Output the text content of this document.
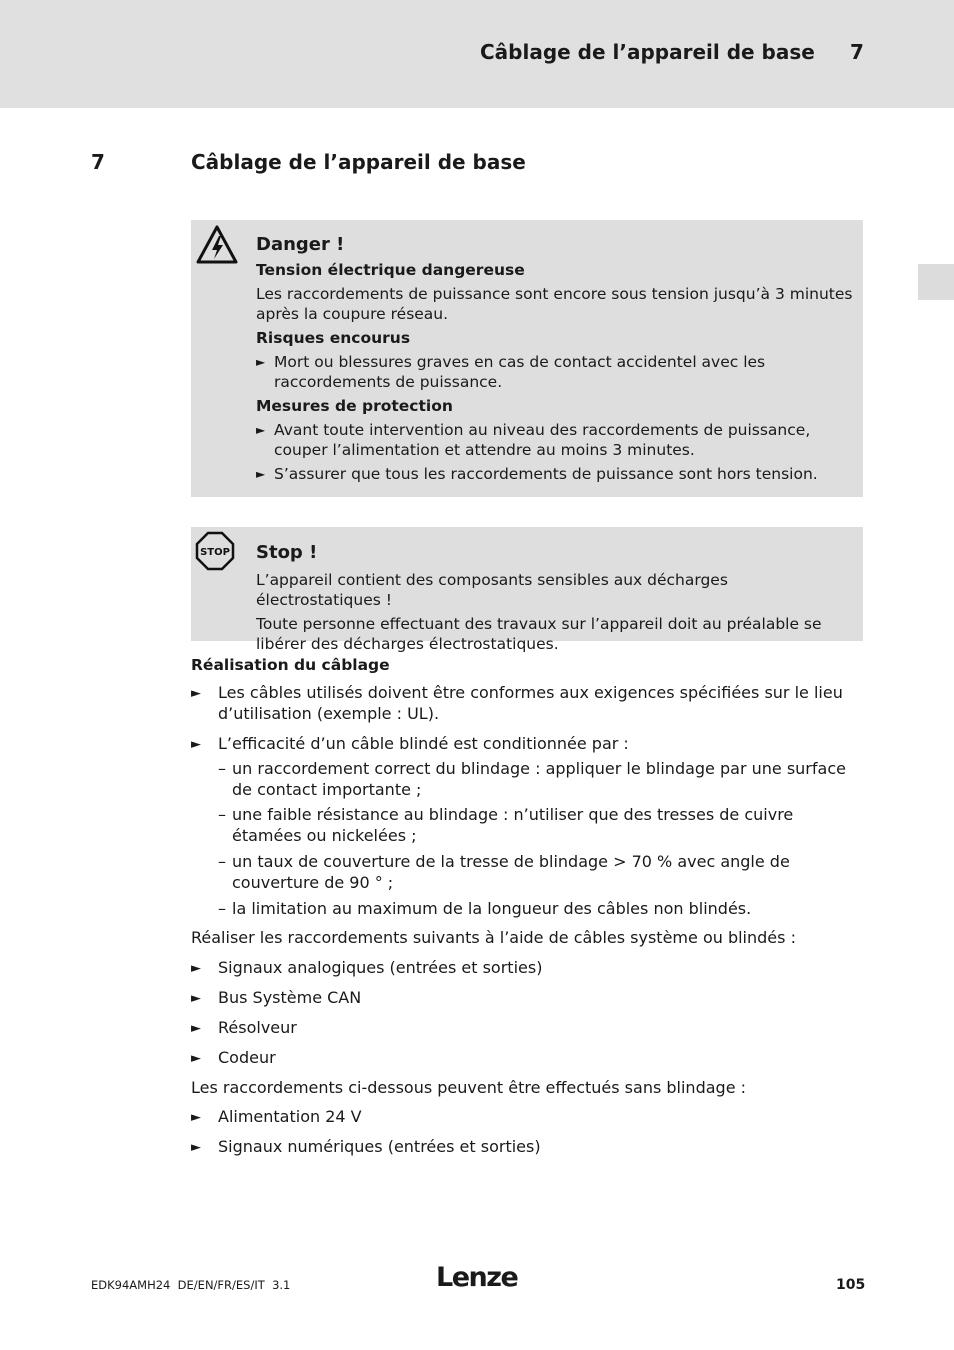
Câblage de l’appareil de base 7
7	Câblage de l’appareil de base
Danger !
Tension électrique dangereuse
Les raccordements de puissance sont encore sous tension jusqu’à 3 minutes après la coupure réseau.
Risques encourus
► Mort ou blessures graves en cas de contact accidentel avec les raccordements de puissance.
Mesures de protection
► Avant toute intervention au niveau des raccordements de puissance, couper l’alimentation et attendre au moins 3 minutes.
► S’assurer que tous les raccordements de puissance sont hors tension.
STOP Stop !
L’appareil contient des composants sensibles aux décharges électrostatiques !
Toute personne effectuant des travaux sur l’appareil doit au préalable se libérer des décharges électrostatiques.
Réalisation du câblage
► Les câbles utilisés doivent être conformes aux exigences spécifiées sur le lieu d’utilisation (exemple : UL).
► L’efficacité d’un câble blindé est conditionnée par :
– un raccordement correct du blindage : appliquer le blindage par une surface de contact importante ;
– une faible résistance au blindage : n’utiliser que des tresses de cuivre étamées ou nickelées ;
– un taux de couverture de la tresse de blindage > 70 % avec angle de couverture de 90 ° ;
– la limitation au maximum de la longueur des câbles non blindés.
Réaliser les raccordements suivants à l’aide de câbles système ou blindés :
► Signaux analogiques (entrées et sorties)
► Bus Système CAN
► Résolveur
► Codeur
Les raccordements ci-dessous peuvent être effectués sans blindage :
► Alimentation 24 V
► Signaux numériques (entrées et sorties)
EDK94AMH24  DE/EN/FR/ES/IT  3.1	Lenze	105
